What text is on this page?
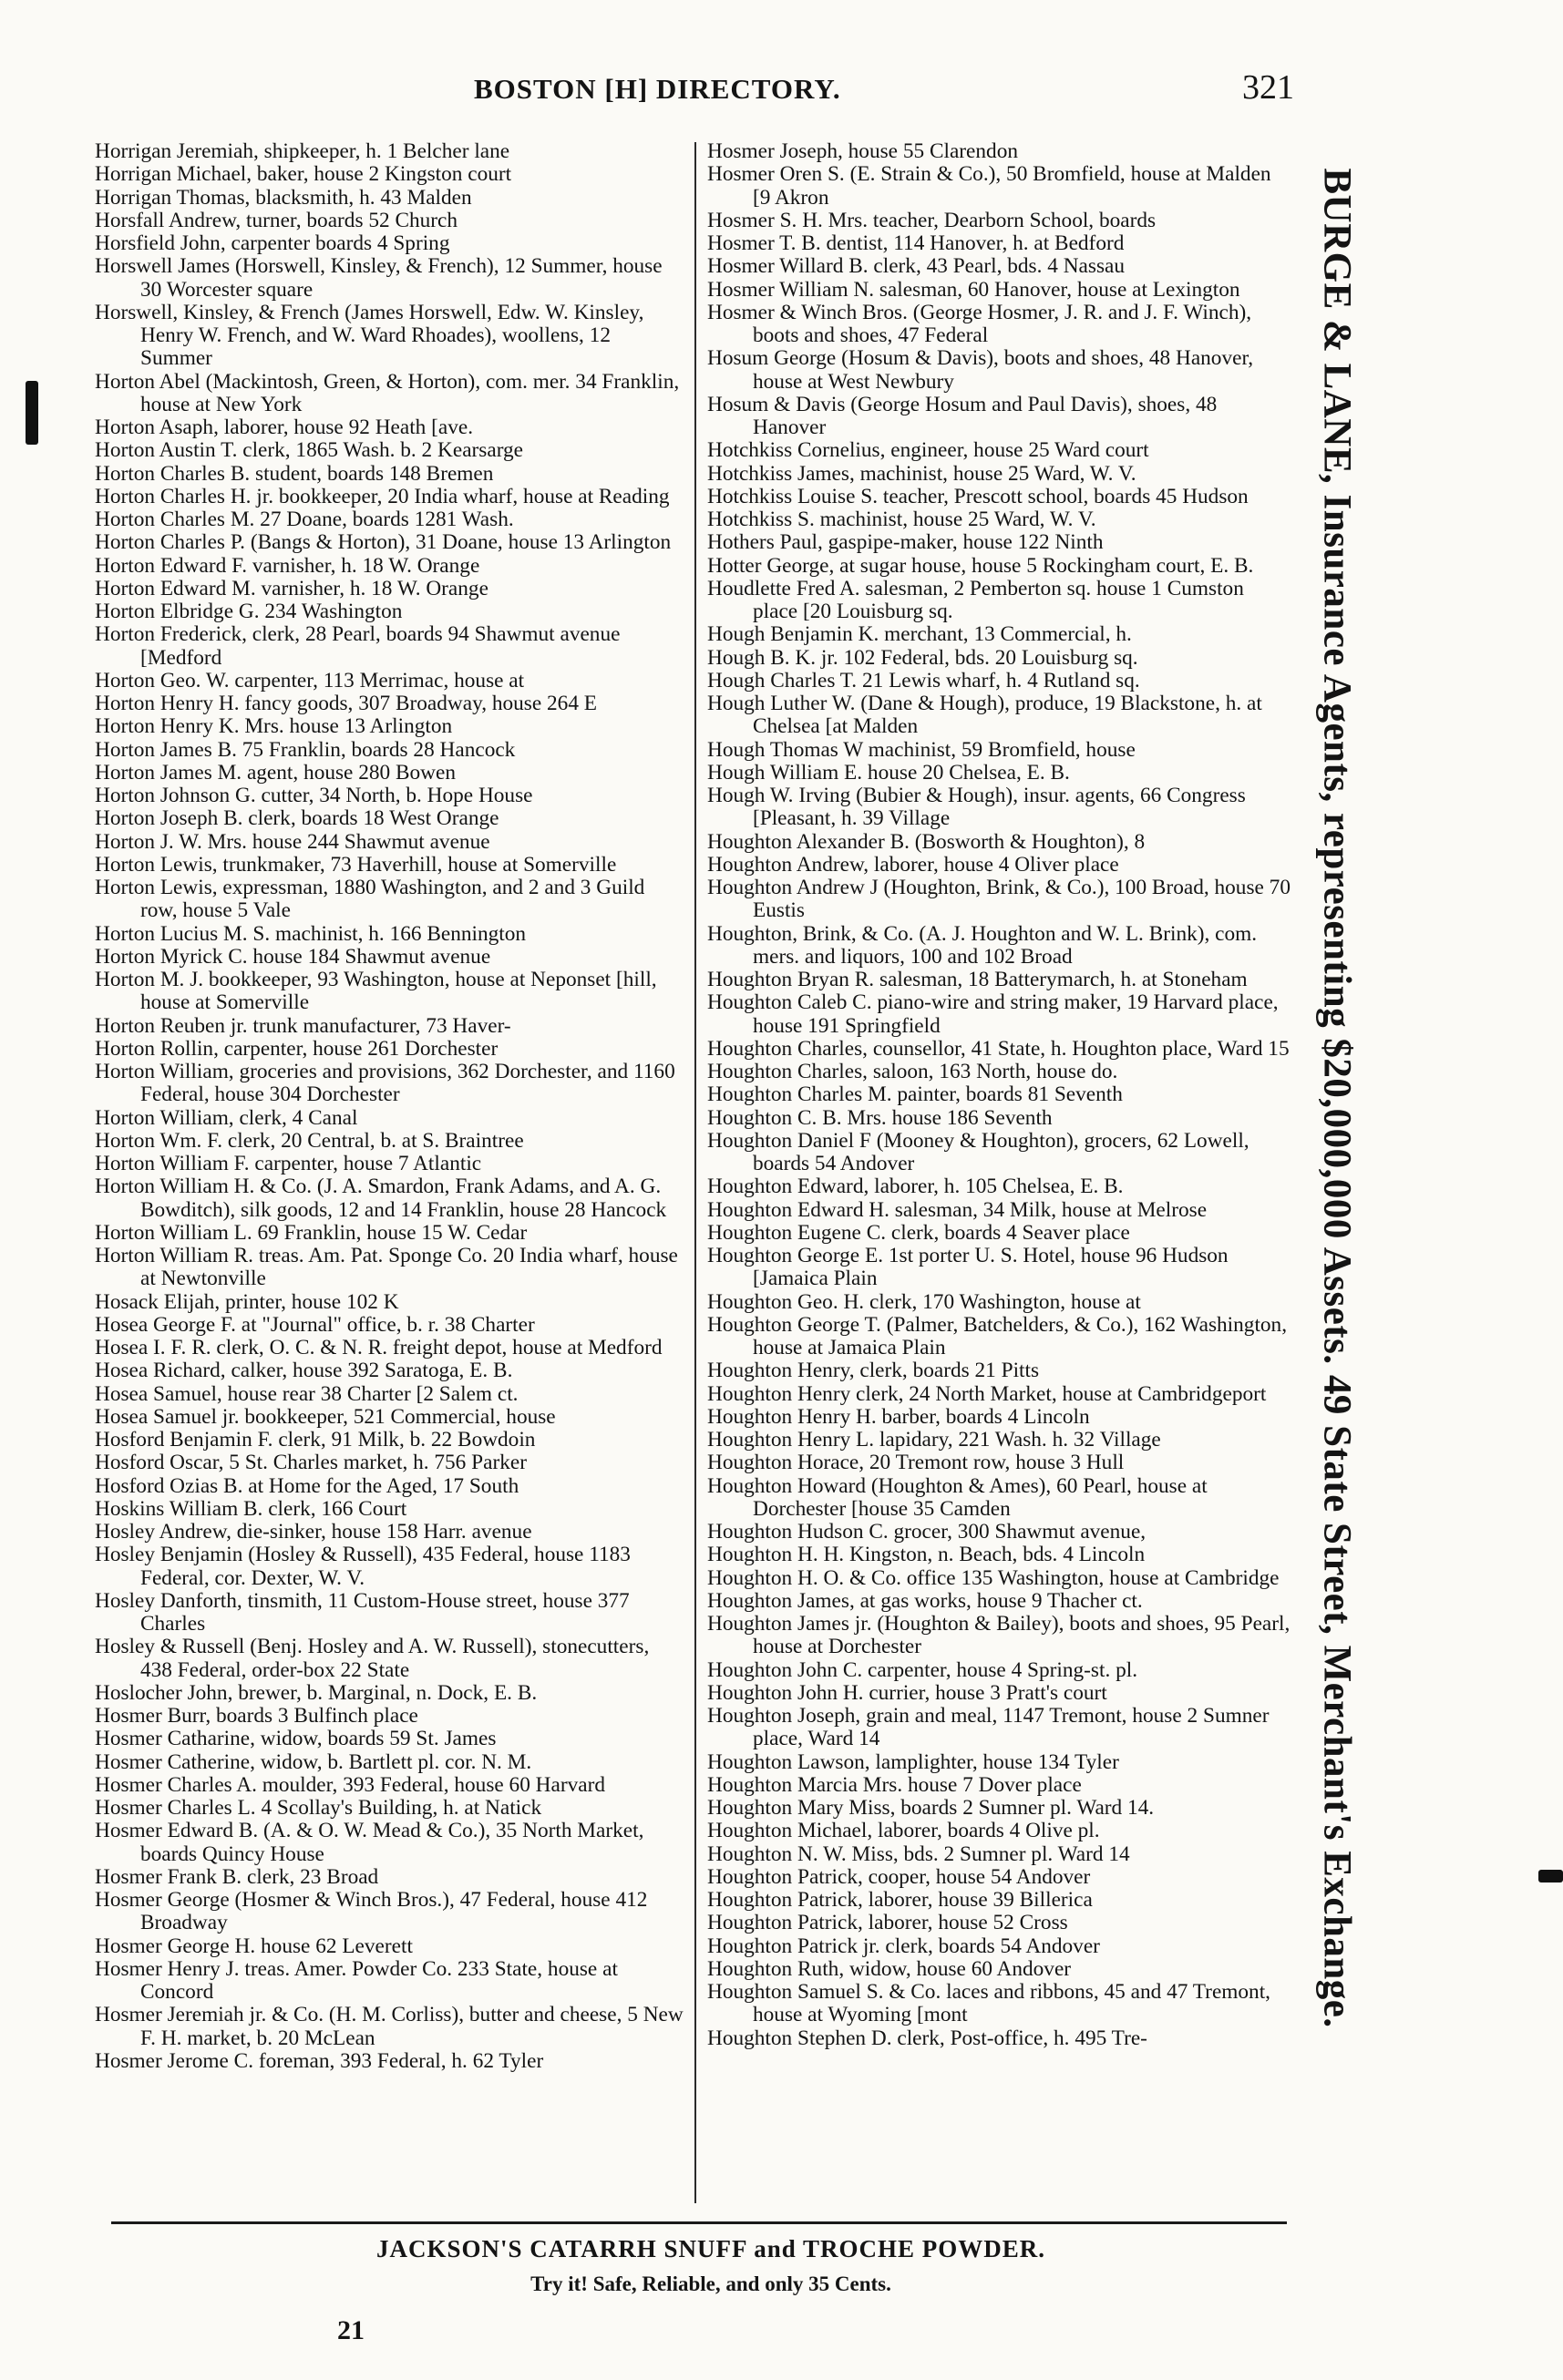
BOSTON [H] DIRECTORY.	321
Horrigan Jeremiah, shipkeeper, h. 1 Belcher lane
Horrigan Michael, baker, house 2 Kingston court
Horrigan Thomas, blacksmith, h. 43 Malden
Horsfall Andrew, turner, boards 52 Church
Horsfield John, carpenter boards 4 Spring
Horswell James (Horswell, Kinsley, & French), 12 Summer, house 30 Worcester square
Horswell, Kinsley, & French (James Horswell, Edw. W. Kinsley, Henry W. French, and W. Ward Rhoades), woollens, 12 Summer
Horton Abel (Mackintosh, Green, & Horton), com. mer. 34 Franklin, house at New York
Horton Asaph, laborer, house 92 Heath [ave.
Horton Austin T. clerk, 1865 Wash. b. 2 Kearsarge
Horton Charles B. student, boards 148 Bremen
Horton Charles H. jr. bookkeeper, 20 India wharf, house at Reading
Horton Charles M. 27 Doane, boards 1281 Wash.
Horton Charles P. (Bangs & Horton), 31 Doane, house 13 Arlington
Horton Edward F. varnisher, h. 18 W. Orange
Horton Edward M. varnisher, h. 18 W. Orange
Horton Elbridge G. 234 Washington
Horton Frederick, clerk, 28 Pearl, boards 94 Shawmut avenue [Medford
Horton Geo. W. carpenter, 113 Merrimac, house at
Horton Henry H. fancy goods, 307 Broadway, house 264 E
Horton Henry K. Mrs. house 13 Arlington
Horton James B. 75 Franklin, boards 28 Hancock
Horton James M. agent, house 280 Bowen
Horton Johnson G. cutter, 34 North, b. Hope House
Horton Joseph B. clerk, boards 18 West Orange
Horton J. W. Mrs. house 244 Shawmut avenue
Horton Lewis, trunkmaker, 73 Haverhill, house at Somerville
Horton Lewis, expressman, 1880 Washington, and 2 and 3 Guild row, house 5 Vale
Horton Lucius M. S. machinist, h. 166 Bennington
Horton Myrick C. house 184 Shawmut avenue
Horton M. J. bookkeeper, 93 Washington, house at Neponset [hill, house at Somerville
Horton Reuben jr. trunk manufacturer, 73 Haver-
Horton Rollin, carpenter, house 261 Dorchester
Horton William, groceries and provisions, 362 Dorchester, and 1160 Federal, house 304 Dorchester
Horton William, clerk, 4 Canal
Horton Wm. F. clerk, 20 Central, b. at S. Braintree
Horton William F. carpenter, house 7 Atlantic
Horton William H. & Co. (J. A. Smardon, Frank Adams, and A. G. Bowditch), silk goods, 12 and 14 Franklin, house 28 Hancock
Horton William L. 69 Franklin, house 15 W. Cedar
Horton William R. treas. Am. Pat. Sponge Co. 20 India wharf, house at Newtonville
Hosack Elijah, printer, house 102 K
Hosea George F. at "Journal" office, b. r. 38 Charter
Hosea I. F. R. clerk, O. C. & N. R. freight depot, house at Medford
Hosea Richard, calker, house 392 Saratoga, E. B.
Hosea Samuel, house rear 38 Charter [2 Salem ct.
Hosea Samuel jr. bookkeeper, 521 Commercial, house
Hosford Benjamin F. clerk, 91 Milk, b. 22 Bowdoin
Hosford Oscar, 5 St. Charles market, h. 756 Parker
Hosford Ozias B. at Home for the Aged, 17 South
Hoskins William B. clerk, 166 Court
Hosley Andrew, die-sinker, house 158 Harr. avenue
Hosley Benjamin (Hosley & Russell), 435 Federal, house 1183 Federal, cor. Dexter, W. V.
Hosley Danforth, tinsmith, 11 Custom-House street, house 377 Charles
Hosley & Russell (Benj. Hosley and A. W. Russell), stonecutters, 438 Federal, order-box 22 State
Hoslocher John, brewer, b. Marginal, n. Dock, E. B.
Hosmer Burr, boards 3 Bulfinch place
Hosmer Catharine, widow, boards 59 St. James
Hosmer Catherine, widow, b. Bartlett pl. cor. N. M.
Hosmer Charles A. moulder, 393 Federal, house 60 Harvard
Hosmer Charles L. 4 Scollay's Building, h. at Natick
Hosmer Edward B. (A. & O. W. Mead & Co.), 35 North Market, boards Quincy House
Hosmer Frank B. clerk, 23 Broad
Hosmer George (Hosmer & Winch Bros.), 47 Federal, house 412 Broadway
Hosmer George H. house 62 Leverett
Hosmer Henry J. treas. Amer. Powder Co. 233 State, house at Concord
Hosmer Jeremiah jr. & Co. (H. M. Corliss), butter and cheese, 5 New F. H. market, b. 20 McLean
Hosmer Jerome C. foreman, 393 Federal, h. 62 Tyler
Hosmer Joseph, house 55 Clarendon
Hosmer Oren S. (E. Strain & Co.), 50 Bromfield, house at Malden [9 Akron
Hosmer S. H. Mrs. teacher, Dearborn School, boards
Hosmer T. B. dentist, 114 Hanover, h. at Bedford
Hosmer Willard B. clerk, 43 Pearl, bds. 4 Nassau
Hosmer William N. salesman, 60 Hanover, house at Lexington
Hosmer & Winch Bros. (George Hosmer, J. R. and J. F. Winch), boots and shoes, 47 Federal
Hosum George (Hosum & Davis), boots and shoes, 48 Hanover, house at West Newbury
Hosum & Davis (George Hosum and Paul Davis), shoes, 48 Hanover
Hotchkiss Cornelius, engineer, house 25 Ward court
Hotchkiss James, machinist, house 25 Ward, W. V.
Hotchkiss Louise S. teacher, Prescott school, boards 45 Hudson
Hotchkiss S. machinist, house 25 Ward, W. V.
Hothers Paul, gaspipe-maker, house 122 Ninth
Hotter George, at sugar house, house 5 Rockingham court, E. B.
Houdlette Fred A. salesman, 2 Pemberton sq. house 1 Cumston place [20 Louisburg sq.
Hough Benjamin K. merchant, 13 Commercial, h.
Hough B. K. jr. 102 Federal, bds. 20 Louisburg sq.
Hough Charles T. 21 Lewis wharf, h. 4 Rutland sq.
Hough Luther W. (Dane & Hough), produce, 19 Blackstone, h. at Chelsea [at Malden
Hough Thomas W machinist, 59 Bromfield, house
Hough William E. house 20 Chelsea, E. B.
Hough W. Irving (Bubier & Hough), insur. agents, 66 Congress [Pleasant, h. 39 Village
Houghton Alexander B. (Bosworth & Houghton), 8
Houghton Andrew, laborer, house 4 Oliver place
Houghton Andrew J (Houghton, Brink, & Co.), 100 Broad, house 70 Eustis
Houghton, Brink, & Co. (A. J. Houghton and W. L. Brink), com. mers. and liquors, 100 and 102 Broad
Houghton Bryan R. salesman, 18 Batterymarch, h. at Stoneham
Houghton Caleb C. piano-wire and string maker, 19 Harvard place, house 191 Springfield
Houghton Charles, counsellor, 41 State, h. Houghton place, Ward 15
Houghton Charles, saloon, 163 North, house do.
Houghton Charles M. painter, boards 81 Seventh
Houghton C. B. Mrs. house 186 Seventh
Houghton Daniel F (Mooney & Houghton), grocers, 62 Lowell, boards 54 Andover
Houghton Edward, laborer, h. 105 Chelsea, E. B.
Houghton Edward H. salesman, 34 Milk, house at Melrose
Houghton Eugene C. clerk, boards 4 Seaver place
Houghton George E. 1st porter U. S. Hotel, house 96 Hudson [Jamaica Plain
Houghton Geo. H. clerk, 170 Washington, house at
Houghton George T. (Palmer, Batchelders, & Co.), 162 Washington, house at Jamaica Plain
Houghton Henry, clerk, boards 21 Pitts
Houghton Henry clerk, 24 North Market, house at Cambridgeport
Houghton Henry H. barber, boards 4 Lincoln
Houghton Henry L. lapidary, 221 Wash. h. 32 Village
Houghton Horace, 20 Tremont row, house 3 Hull
Houghton Howard (Houghton & Ames), 60 Pearl, house at Dorchester [house 35 Camden
Houghton Hudson C. grocer, 300 Shawmut avenue,
Houghton H. H. Kingston, n. Beach, bds. 4 Lincoln
Houghton H. O. & Co. office 135 Washington, house at Cambridge
Houghton James, at gas works, house 9 Thacher ct.
Houghton James jr. (Houghton & Bailey), boots and shoes, 95 Pearl, house at Dorchester
Houghton John C. carpenter, house 4 Spring-st. pl.
Houghton John H. currier, house 3 Pratt's court
Houghton Joseph, grain and meal, 1147 Tremont, house 2 Sumner place, Ward 14
Houghton Lawson, lamplighter, house 134 Tyler
Houghton Marcia Mrs. house 7 Dover place
Houghton Mary Miss, boards 2 Sumner pl. Ward 14.
Houghton Michael, laborer, boards 4 Olive pl.
Houghton N. W. Miss, bds. 2 Sumner pl. Ward 14
Houghton Patrick, cooper, house 54 Andover
Houghton Patrick, laborer, house 39 Billerica
Houghton Patrick, laborer, house 52 Cross
Houghton Patrick jr. clerk, boards 54 Andover
Houghton Ruth, widow, house 60 Andover
Houghton Samuel S. & Co. laces and ribbons, 45 and 47 Tremont, house at Wyoming [mont
Houghton Stephen D. clerk, Post-office, h. 495 Tre-
BURGE & LANE, Insurance Agents, representing $20,000,000 Assets. 49 State Street, Merchant's Exchange.
JACKSON'S CATARRH SNUFF and TROCHE POWDER.
Try it! Safe, Reliable, and only 35 Cents.
21
